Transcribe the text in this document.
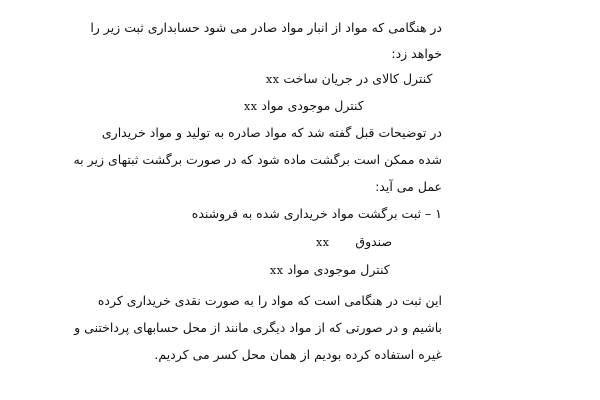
در هنگامی که مواد از انبار مواد صادر می شود حسابداری ثبت زیر را
خواهد زد:
xx کنترل کالای در جریان ساخت
xx کنترل موجودی مواد
در توضیحات قبل گفته شد که مواد صادره به تولید و مواد خریداری
شده ممکن است برگشت ماده شود که در صورت برگشت ثبتهای زیر به
عمل می آید:
۱ – ثبت برگشت مواد خریداری شده به فروشنده
xx صندوق
xx کنترل موجودی مواد
این ثبت در هنگامی است که مواد را به صورت نقدی خریداری کرده
باشیم و در صورتی که از مواد دیگری مانند از محل حسابهای پرداختنی و
غیره استفاده کرده بودیم از همان محل کسر می کردیم.
